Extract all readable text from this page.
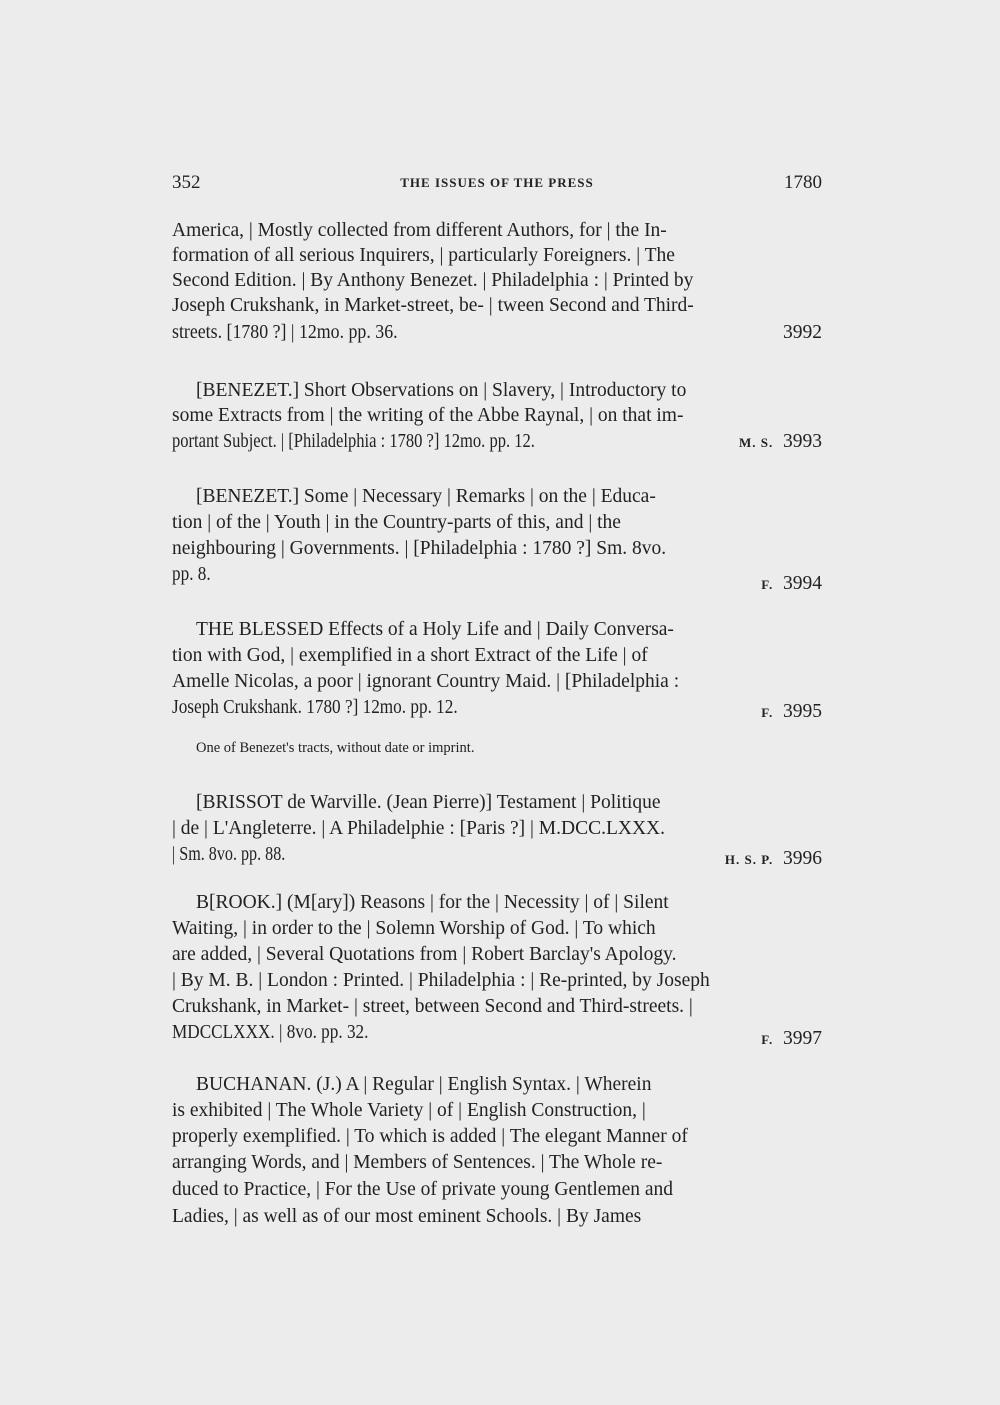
352	THE ISSUES OF THE PRESS	1780
America, | Mostly collected from different Authors, for | the In-
formation of all serious Inquirers, | particularly Foreigners. | The
Second Edition. | By Anthony Benezet. | Philadelphia : | Printed by
Joseph Crukshank, in Market-street, be- | tween Second and Third-
streets. [1780 ?] | 12mo. pp. 36.	3992
[BENEZET.] Short Observations on | Slavery, | Introductory to
some Extracts from | the writing of the Abbe Raynal, | on that im-
portant Subject. | [Philadelphia : 1780 ?] 12mo. pp. 12.	M. S. 3993
[BENEZET.] Some | Necessary | Remarks | on the | Educa-
tion | of the | Youth | in the Country-parts of this, and | the
neighbouring | Governments. | [Philadelphia : 1780 ?] Sm. 8vo.
pp. 8.	F. 3994
THE BLESSED Effects of a Holy Life and | Daily Conversa-
tion with God, | exemplified in a short Extract of the Life | of
Amelle Nicolas, a poor | ignorant Country Maid. | [Philadelphia :
Joseph Crukshank. 1780 ?] 12mo. pp. 12.	F. 3995
One of Benezet's tracts, without date or imprint.
[BRISSOT de Warville. (Jean Pierre)] Testament | Politique
| de | L'Angleterre. | A Philadelphie : [Paris ?] | M.DCC.LXXX.
| Sm. 8vo. pp. 88.	H. S. P. 3996
B[ROOK.] (M[ary]) Reasons | for the | Necessity | of | Silent
Waiting, | in order to the | Solemn Worship of God. | To which
are added, | Several Quotations from | Robert Barclay's Apology.
| By M. B. | London : Printed. | Philadelphia : | Re-printed, by Joseph
Crukshank, in Market- | street, between Second and Third-streets. |
MDCCLXXX. | 8vo. pp. 32.	F. 3997
BUCHANAN. (J.) A | Regular | English Syntax. | Wherein
is exhibited | The Whole Variety | of | English Construction, |
properly exemplified. | To which is added | The elegant Manner of
arranging Words, and | Members of Sentences. | The Whole re-
duced to Practice, | For the Use of private young Gentlemen and
Ladies, | as well as of our most eminent Schools. | By James
